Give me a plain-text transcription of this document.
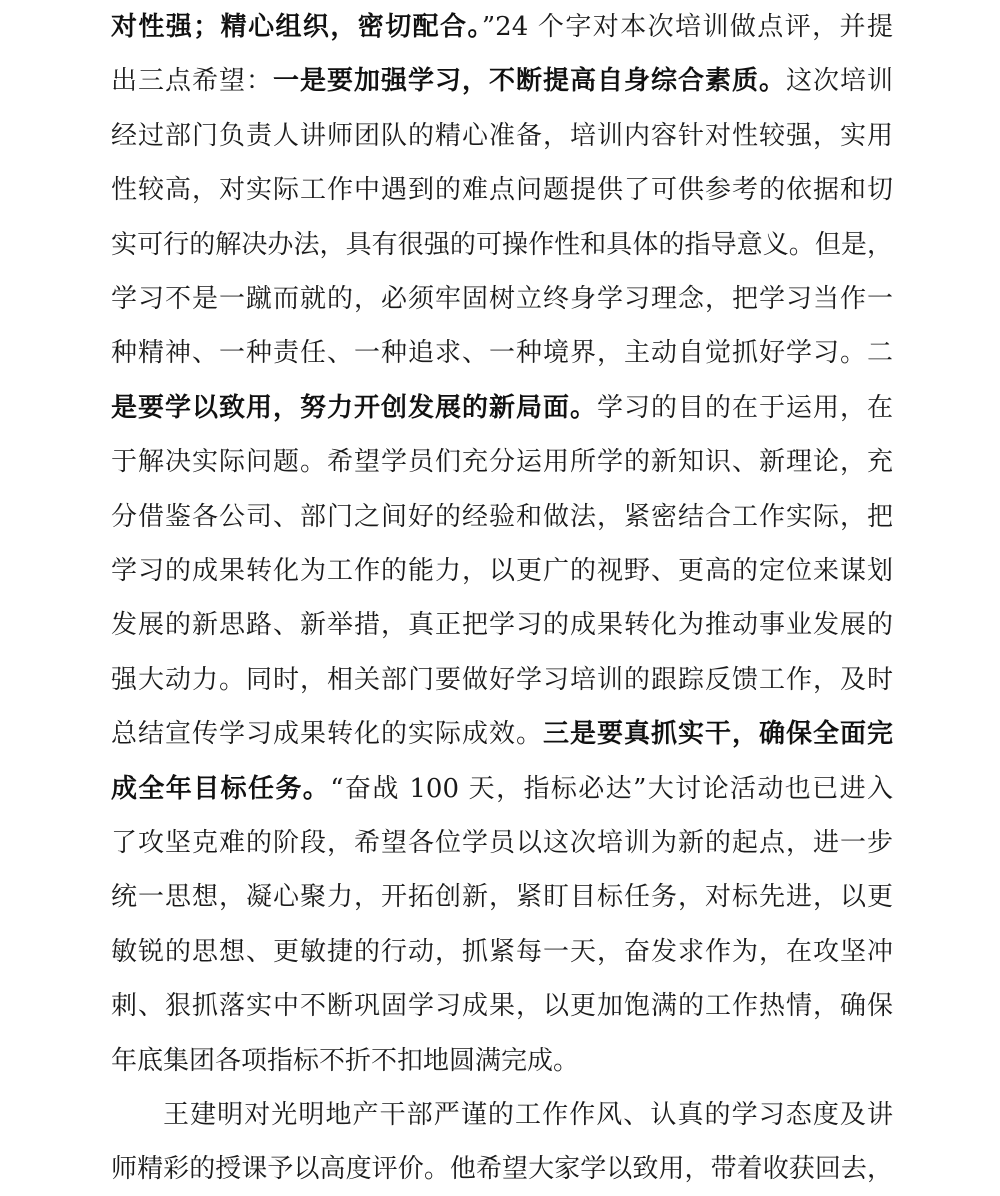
对性强；精心组织，密切配合。”24 个字对本次培训做点评，并提
出三点希望：一是要加强学习，不断提高自身综合素质。这次培训
经过部门负责人讲师团队的精心准备，培训内容针对性较强，实用
性较高，对实际工作中遇到的难点问题提供了可供参考的依据和切
实可行的解决办法，具有很强的可操作性和具体的指导意义。但是，
学习不是一蹴而就的，必须牢固树立终身学习理念，把学习当作一
种精神、一种责任、一种追求、一种境界，主动自觉抓好学习。二
是要学以致用，努力开创发展的新局面。学习的目的在于运用，在
于解决实际问题。希望学员们充分运用所学的新知识、新理论，充
分借鉴各公司、部门之间好的经验和做法，紧密结合工作实际，把
学习的成果转化为工作的能力，以更广的视野、更高的定位来谋划
发展的新思路、新举措，真正把学习的成果转化为推动事业发展的
强大动力。同时，相关部门要做好学习培训的跟踪反馈工作，及时
总结宣传学习成果转化的实际成效。三是要真抓实干，确保全面完
成全年目标任务。“奋战 100 天，指标必达”大讨论活动也已进入
了攻坚克难的阶段，希望各位学员以这次培训为新的起点，进一步
统一思想，凝心聚力，开拓创新，紧盯目标任务，对标先进，以更
敏锐的思想、更敏捷的行动，抓紧每一天，奋发求作为，在攻坚冲
刺、狠抓落实中不断巩固学习成果，以更加饱满的工作热情，确保
年底集团各项指标不折不扣地圆满完成。
王建明对光明地产干部严谨的工作作风、认真的学习态度及讲
师精彩的授课予以高度评价。他希望大家学以致用，带着收获回去，
